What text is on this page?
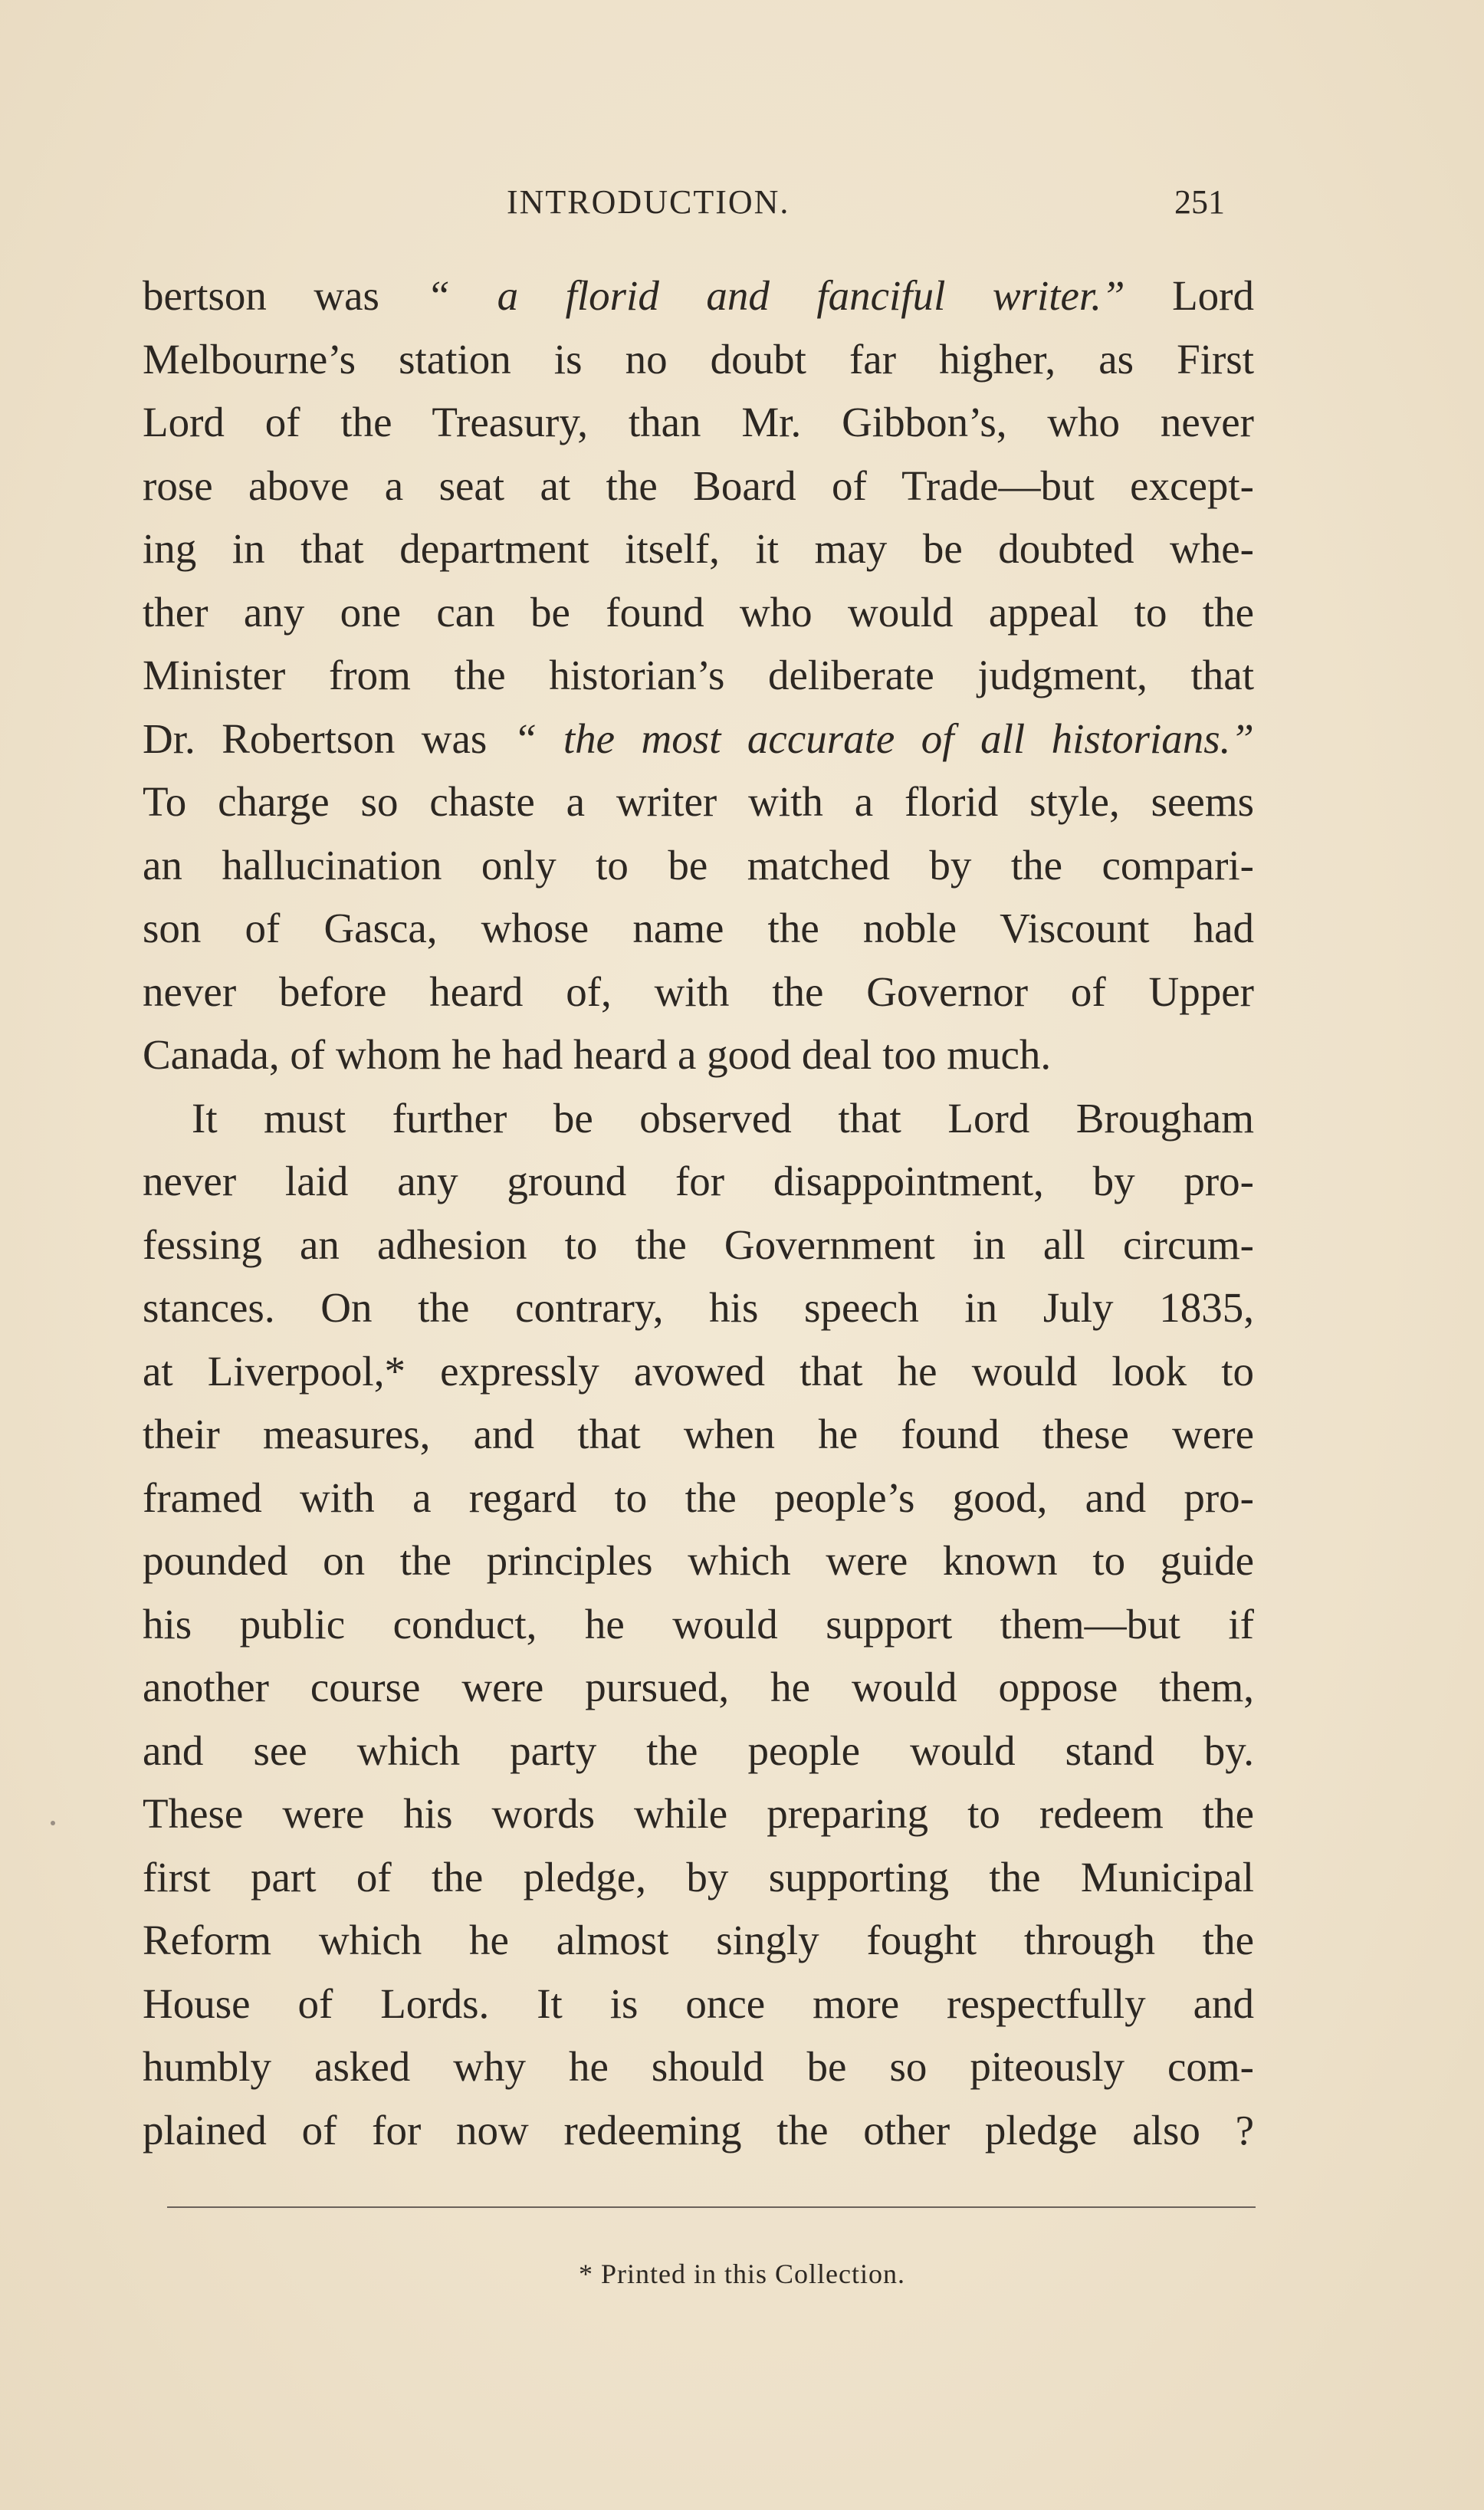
INTRODUCTION.	251
bertson was “ a florid and fanciful writer.” Lord
Melbourne’s station is no doubt far higher, as First
Lord of the Treasury, than Mr. Gibbon’s, who never
rose above a seat at the Board of Trade—but except-
ing in that department itself, it may be doubted whe-
ther any one can be found who would appeal to the
Minister from the historian’s deliberate judgment, that
Dr. Robertson was “ the most accurate of all historians.”
To charge so chaste a writer with a florid style, seems
an hallucination only to be matched by the compari-
son of Gasca, whose name the noble Viscount had
never before heard of, with the Governor of Upper
Canada, of whom he had heard a good deal too much.
It must further be observed that Lord Brougham
never laid any ground for disappointment, by pro-
fessing an adhesion to the Government in all circum-
stances. On the contrary, his speech in July 1835,
at Liverpool,* expressly avowed that he would look to
their measures, and that when he found these were
framed with a regard to the people’s good, and pro-
pounded on the principles which were known to guide
his public conduct, he would support them—but if
another course were pursued, he would oppose them,
and see which party the people would stand by.
These were his words while preparing to redeem the
first part of the pledge, by supporting the Municipal
Reform which he almost singly fought through the
House of Lords. It is once more respectfully and
humbly asked why he should be so piteously com-
plained of for now redeeming the other pledge also ?
* Printed in this Collection.
